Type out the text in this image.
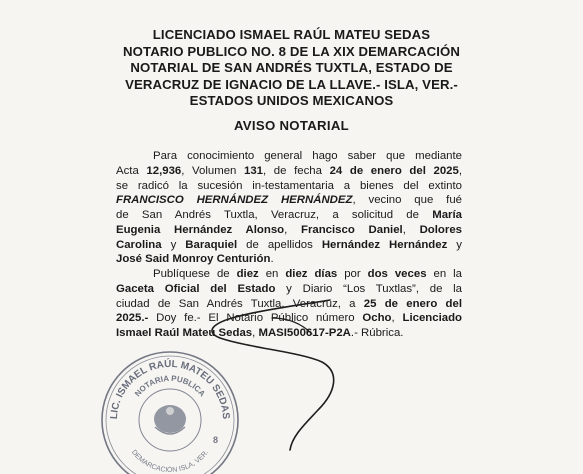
LICENCIADO ISMAEL RAÚL MATEU SEDAS
NOTARIO PUBLICO NO. 8 DE LA XIX DEMARCACIÓN
NOTARIAL DE SAN ANDRÉS TUXTLA, ESTADO DE
VERACRUZ DE IGNACIO DE LA LLAVE.- ISLA, VER.-
ESTADOS UNIDOS MEXICANOS
AVISO NOTARIAL
Para conocimiento general hago saber que mediante
Acta 12,936, Volumen 131, de fecha 24 de enero del 2025,
se radicó la sucesión in-testamentaria a bienes del extinto
FRANCISCO HERNÁNDEZ HERNÁNDEZ, vecino que fué
de San Andrés Tuxtla, Veracruz, a solicitud de María
Eugenia Hernández Alonso, Francisco Daniel, Dolores
Carolina y Baraquiel de apellidos Hernández Hernández y
José Said Monroy Centurión.
Publíquese de diez en diez días por dos veces en la
Gaceta Oficial del Estado y Diario “Los Tuxtlas”, de la
ciudad de San Andrés Tuxtla, Veracruz, a 25 de enero del
2025.- Doy fe.- El Notario Público número Ocho, Licenciado
Ismael Raúl Mateu Sedas, MASI500617-P2A.- Rúbrica.
LIC. ISMAEL RAÚL MATEU SEDAS
NOTARIA PUBLICA
DEMARCACIÓN ISLA, VER.
8
